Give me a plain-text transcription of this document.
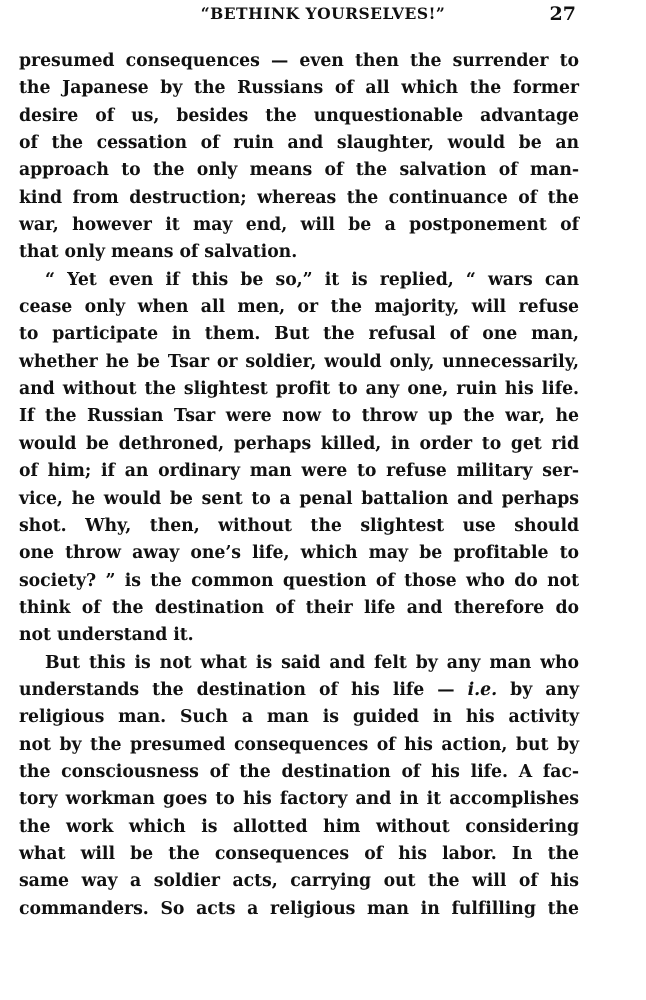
“BETHINK YOURSELVES!”	27
presumed consequences — even then the surrender to
the Japanese by the Russians of all which the former
desire of us, besides the unquestionable advantage
of the cessation of ruin and slaughter, would be an
approach to the only means of the salvation of man-
kind from destruction; whereas the continuance of the
war, however it may end, will be a postponement of
that only means of salvation.
“ Yet even if this be so,” it is replied, “ wars can
cease only when all men, or the majority, will refuse
to participate in them. But the refusal of one man,
whether he be Tsar or soldier, would only, unnecessarily,
and without the slightest profit to any one, ruin his life.
If the Russian Tsar were now to throw up the war, he
would be dethroned, perhaps killed, in order to get rid
of him; if an ordinary man were to refuse military ser-
vice, he would be sent to a penal battalion and perhaps
shot. Why, then, without the slightest use should
one throw away one’s life, which may be profitable to
society? ” is the common question of those who do not
think of the destination of their life and therefore do
not understand it.
But this is not what is said and felt by any man who
understands the destination of his life — i.e. by any
religious man. Such a man is guided in his activity
not by the presumed consequences of his action, but by
the consciousness of the destination of his life. A fac-
tory workman goes to his factory and in it accomplishes
the work which is allotted him without considering
what will be the consequences of his labor. In the
same way a soldier acts, carrying out the will of his
commanders. So acts a religious man in fulfilling the
